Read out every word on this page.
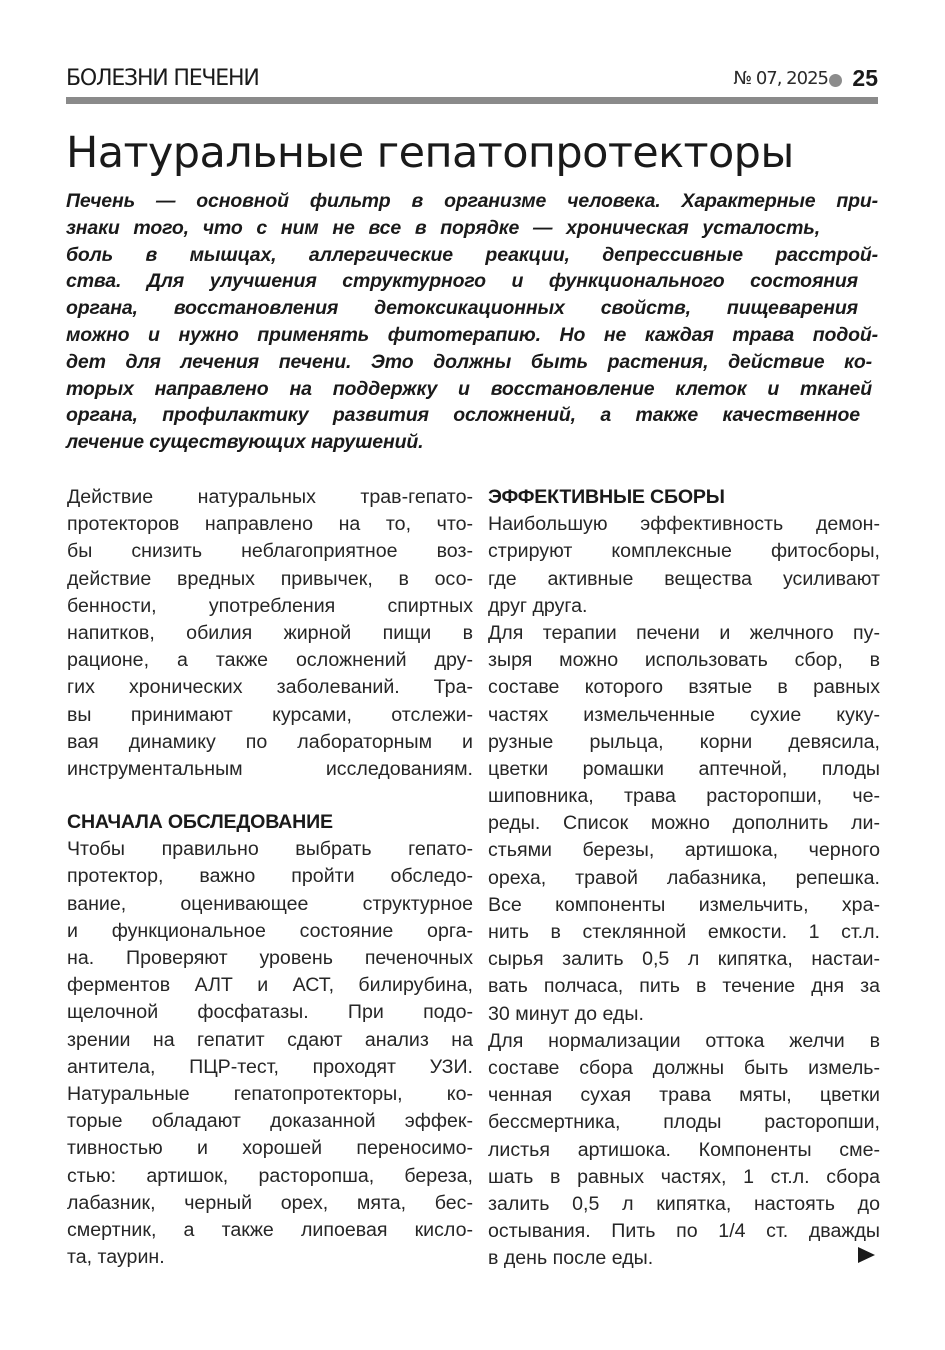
БОЛЕЗНИ ПЕЧЕНИ	№ 07, 2025 25
Натуральные гепатопротекторы
Печень — основной фильтр в организме человека. Характерные при-
знаки того, что с ним не все в порядке — хроническая усталость,
боль в мышцах, аллергические реакции, депрессивные расстрой-
ства. Для улучшения структурного и функционального состояния
органа, восстановления детоксикационных свойств, пищеварения
можно и нужно применять фитотерапию. Но не каждая трава подой-
дет для лечения печени. Это должны быть растения, действие ко-
торых направлено на поддержку и восстановление клеток и тканей
органа, профилактику развития осложнений, а также качественное
лечение существующих нарушений.
Действие натуральных трав-гепато-
протекторов направлено на то, что-
бы снизить неблагоприятное воз-
действие вредных привычек, в осо-
бенности, употребления спиртных
напитков, обилия жирной пищи в
рационе, а также осложнений дру-
гих хронических заболеваний. Тра-
вы принимают курсами, отслежи-
вая динамику по лабораторным и
инструментальным исследованиям.
СНАЧАЛА ОБСЛЕДОВАНИЕ
Чтобы правильно выбрать гепато-
протектор, важно пройти обследо-
вание, оценивающее структурное
и функциональное состояние орга-
на. Проверяют уровень печеночных
ферментов АЛТ и АСТ, билирубина,
щелочной фосфатазы. При подо-
зрении на гепатит сдают анализ на
антитела, ПЦР-тест, проходят УЗИ.
Натуральные гепатопротекторы, ко-
торые обладают доказанной эффек-
тивностью и хорошей переносимо-
стью: артишок, расторопша, береза,
лабазник, черный орех, мята, бес-
смертник, а также липоевая кисло-
та, таурин.
ЭФФЕКТИВНЫЕ СБОРЫ
Наибольшую эффективность демон-
стрируют комплексные фитосборы,
где активные вещества усиливают
друг друга.
Для терапии печени и желчного пу-
зыря можно использовать сбор, в
составе которого взятые в равных
частях измельченные сухие куку-
рузные рыльца, корни девясила,
цветки ромашки аптечной, плоды
шиповника, трава расторопши, че-
реды. Список можно дополнить ли-
стьями березы, артишока, черного
ореха, травой лабазника, репешка.
Все компоненты измельчить, хра-
нить в стеклянной емкости. 1 ст.л.
сырья залить 0,5 л кипятка, настаи-
вать полчаса, пить в течение дня за
30 минут до еды.
Для нормализации оттока желчи в
составе сбора должны быть измель-
ченная сухая трава мяты, цветки
бессмертника, плоды расторопши,
листья артишока. Компоненты сме-
шать в равных частях, 1 ст.л. сбора
залить 0,5 л кипятка, настоять до
остывания. Пить по 1/4 ст. дважды
в день после еды.
